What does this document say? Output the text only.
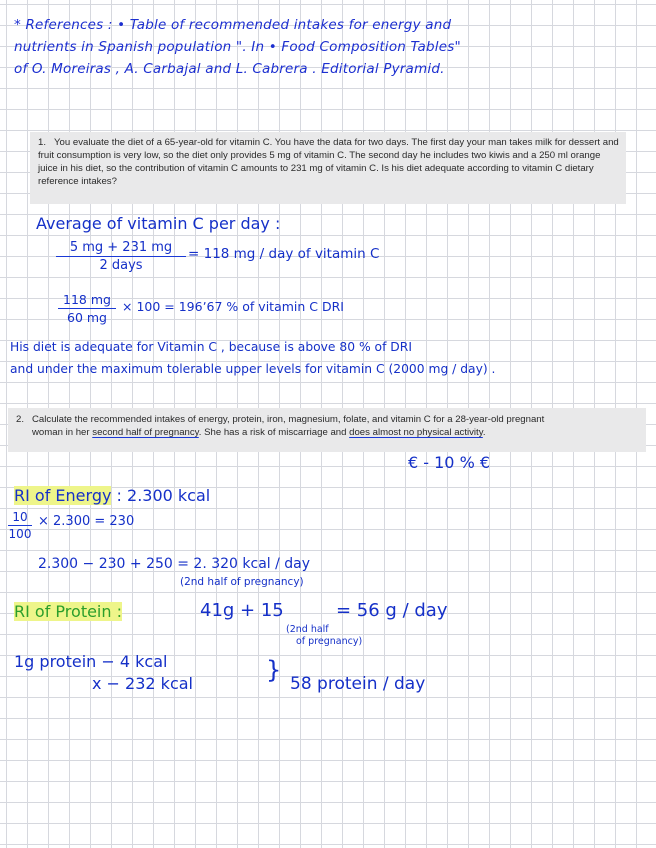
* References : • Table of recommended intakes for energy and
nutrients in Spanish population ". In • Food Composition Tables"
of O. Moreiras , A. Carbajal and L. Cabrera . Editorial Pyramid.
1. You evaluate the diet of a 65-year-old for vitamin C. You have the data for two days. The first day your man takes milk for dessert and fruit consumption is very low, so the diet only provides 5 mg of vitamin C. The second day he includes two kiwis and a 250 ml orange juice in his diet, so the contribution of vitamin C amounts to 231 mg of vitamin C. Is his diet adequate according to vitamin C dietary reference intakes?
Average of vitamin C per day :
5 mg + 231 mg
2 days
= 118 mg / day of vitamin C
118 mg
60 mg
× 100 = 196ʼ67 % of vitamin C DRI
His diet is adequate for Vitamin C , because is above 80 % of DRI
and under the maximum tolerable upper levels for vitamin C (2000 mg / day) .
2. Calculate the recommended intakes of energy, protein, iron, magnesium, folate, and vitamin C for a 28-year-old pregnant
woman in her second half of pregnancy. She has a risk of miscarriage and does almost no physical activity.
€ - 10 % €
RI of Energy : 2.300 kcal
10
100
× 2.300 = 230
2.300 − 230 + 250 = 2. 320 kcal / day
(2nd half of pregnancy)
RI of Protein :	41g + 15	= 56 g / day
(2nd half
of pregnancy)
1g protein − 4 kcal
x − 232 kcal	} 58 protein / day
